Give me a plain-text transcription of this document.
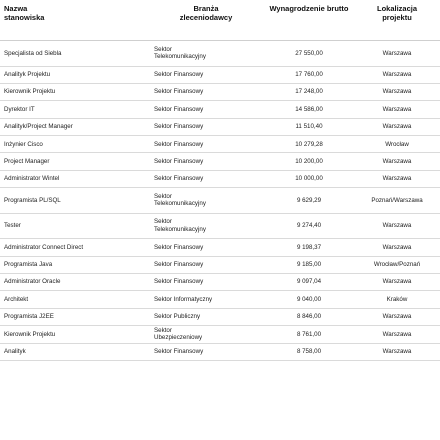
Nazwa stanowiska	Branża zleceniodawcy	Wynagrodzenie brutto	Lokalizacja projektu
Specjalista od Siebla	Sektor Telekomunikacyjny	27 550,00	Warszawa
Analityk Projektu	Sektor Finansowy	17 760,00	Warszawa
Kierownik Projektu	Sektor Finansowy	17 248,00	Warszawa
Dyrektor IT	Sektor Finansowy	14 586,00	Warszawa
Analityk/Project Manager	Sektor Finansowy	11 510,40	Warszawa
Inżynier Cisco	Sektor Finansowy	10 279,28	Wrocław
Project Manager	Sektor Finansowy	10 200,00	Warszawa
Administrator Wintel	Sektor Finansowy	10 000,00	Warszawa
Programista PL/SQL	Sektor Telekomunikacyjny	9 629,29	Poznań/Warszawa
Tester	Sektor Telekomunikacyjny	9 274,40	Warszawa
Administrator Connect Direct	Sektor Finansowy	9 198,37	Warszawa
Programista Java	Sektor Finansowy	9 185,00	Wrocław/Poznań
Administrator Oracle	Sektor Finansowy	9 097,04	Warszawa
Architekt	Sektor Informatyczny	9 040,00	Kraków
Programista J2EE	Sektor Publiczny	8 846,00	Warszawa
Kierownik Projektu	Sektor Ubezpieczeniowy	8 761,00	Warszawa
Analityk	Sektor Finansowy	8 758,00	Warszawa
